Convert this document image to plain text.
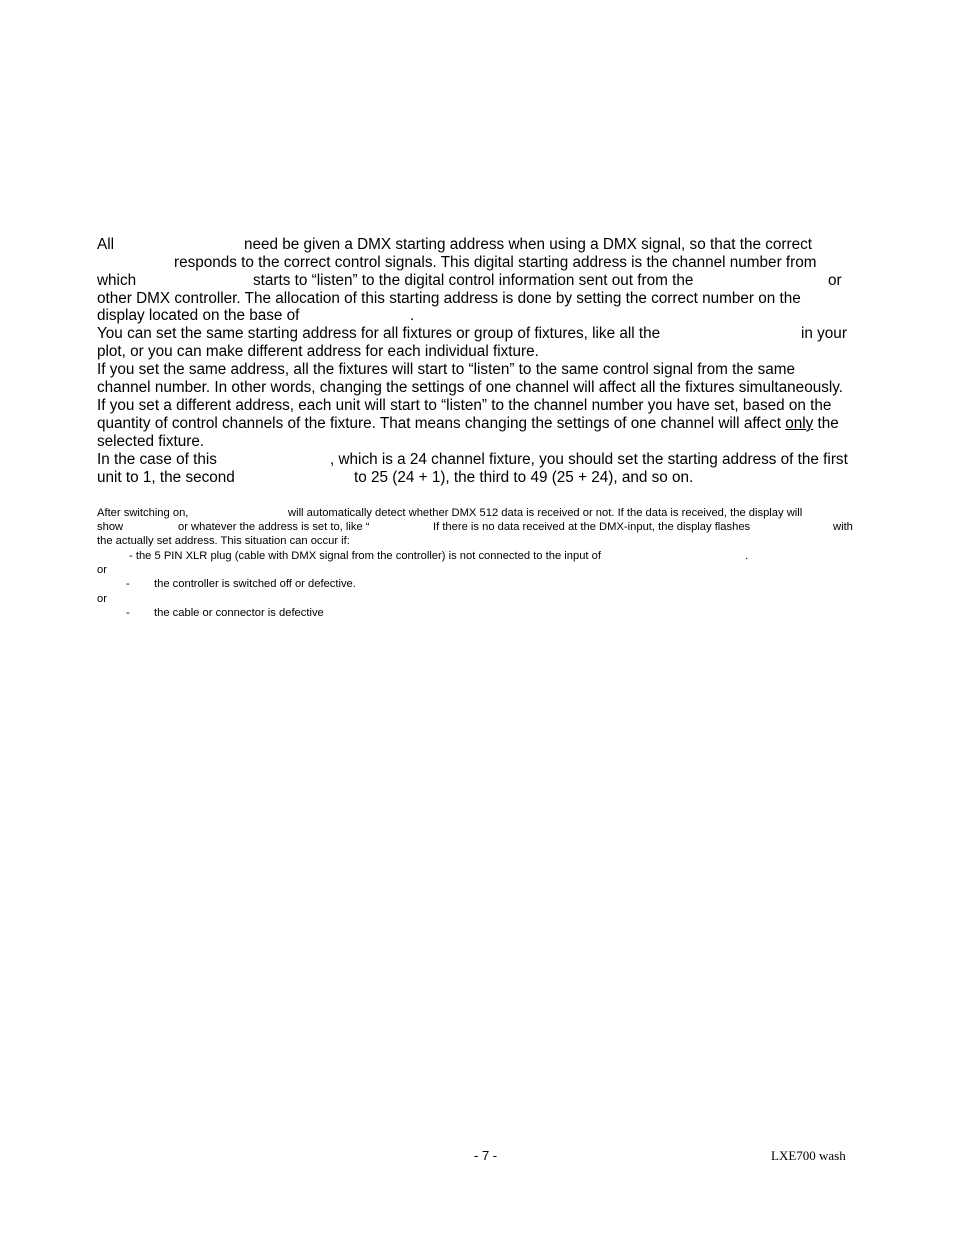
All	need be given a DMX starting address when using a DMX signal, so that the correct
responds to the correct control signals. This digital starting address is the channel number from
which	starts to “listen” to the digital control information sent out from the	or
other DMX controller. The allocation of this starting address is done by setting the correct number on the
display located on the base of	.
You can set the same starting address for all fixtures or group of fixtures, like all the	in your
plot, or you can make different address for each individual fixture.
If you set the same address, all the fixtures will start to “listen” to the same control signal from the same
channel number. In other words, changing the settings of one channel will affect all the fixtures simultaneously.
If you set a different address, each unit will start to “listen” to the channel number you have set, based on the
quantity of control channels of the fixture. That means changing the settings of one channel will affect only the
selected fixture.
In the case of this	, which is a 24 channel fixture, you should set the starting address of the first
unit to 1, the second	to 25 (24 + 1), the third to 49 (25 + 24), and so on.
After switching on,	will automatically detect whether DMX 512 data is received or not. If the data is received, the display will
show	or whatever the address is set to, like “	If there is no data received at the DMX-input, the display flashes	with
the actually set address. This situation can occur if:
- the 5 PIN XLR plug (cable with DMX signal from the controller) is not connected to the input of	.
or
- the controller is switched off or defective.
or
- the cable or connector is defective
- 7 -	LXE700 wash
